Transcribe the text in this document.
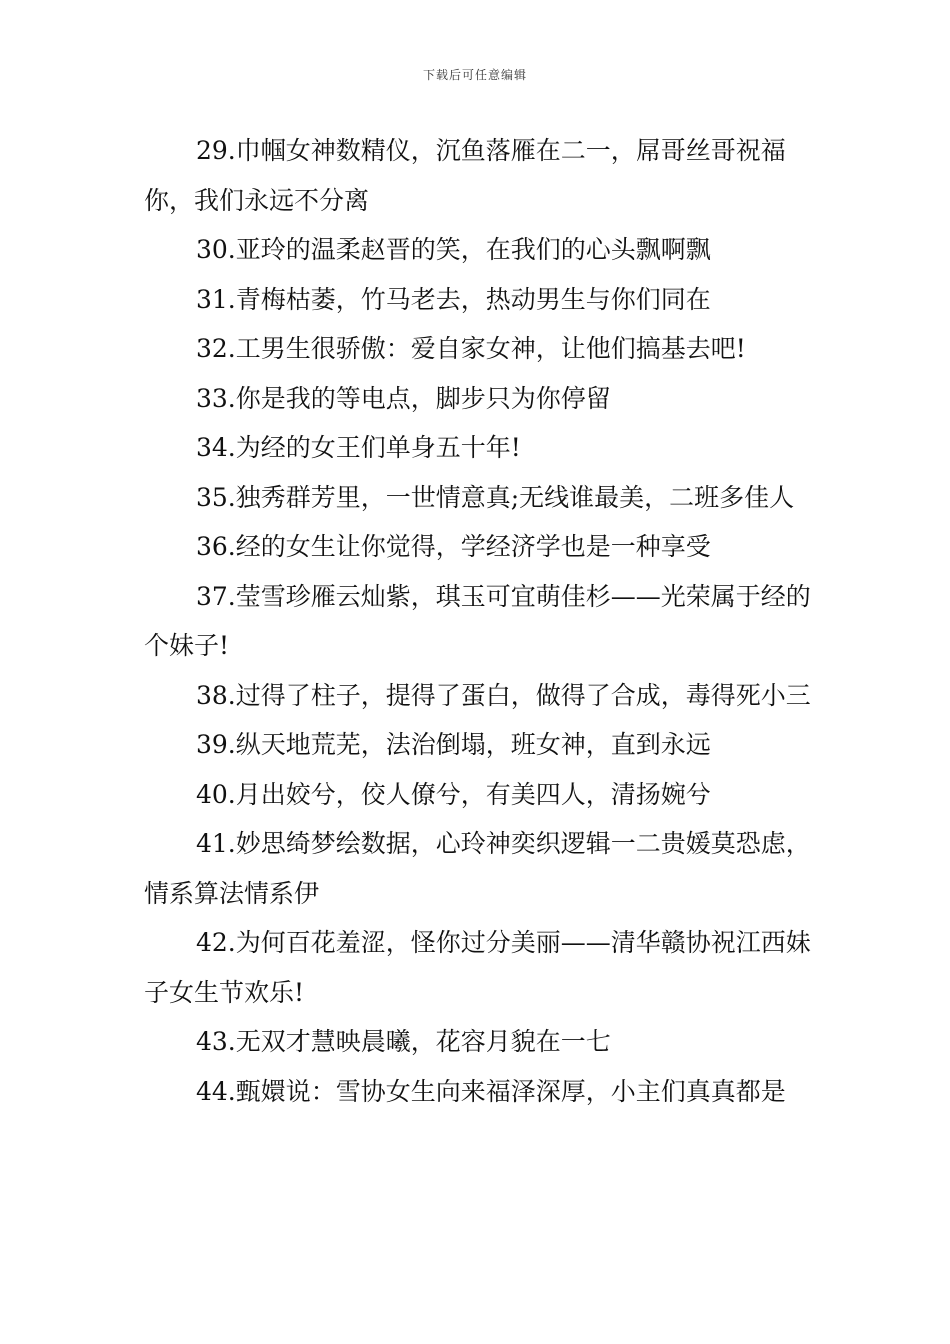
下载后可任意编辑

29.巾帼女神数精仪，沉鱼落雁在二一，屌哥丝哥祝福你，我们永远不分离

30.亚玲的温柔赵晋的笑，在我们的心头飘啊飘

31.青梅枯萎，竹马老去，热动男生与你们同在

32.工男生很骄傲：爱自家女神，让他们搞基去吧!

33.你是我的等电点，脚步只为你停留

34.为经的女王们单身五十年!

35.独秀群芳里，一世情意真;无线谁最美，二班多佳人

36.经的女生让你觉得，学经济学也是一种享受

37.莹雪珍雁云灿紫，琪玉可宜萌佳杉——光荣属于经的个妹子!

38.过得了柱子，提得了蛋白，做得了合成，毒得死小三

39.纵天地荒芜，法治倒塌，班女神，直到永远

40.月出姣兮，佼人僚兮，有美四人，清扬婉兮

41.妙思绮梦绘数据，心玲神奕织逻辑一二贵媛莫恐虑，情系算法情系伊

42.为何百花羞涩，怪你过分美丽——清华赣协祝江西妹子女生节欢乐!

43.无双才慧映晨曦，花容月貌在一七

44.甄嬛说：雪协女生向来福泽深厚，小主们真真都是
